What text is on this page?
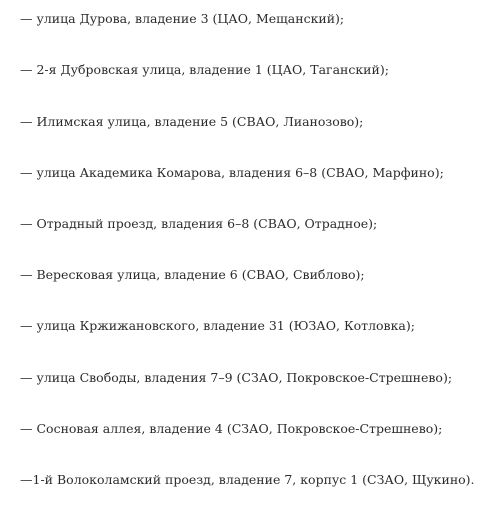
— улица Дурова, владение 3 (ЦАО, Мещанский);
— 2-я Дубровская улица, владение 1 (ЦАО, Таганский);
— Илимская улица, владение 5 (СВАО, Лианозово);
— улица Академика Комарова, владения 6–8 (СВАО, Марфино);
— Отрадный проезд, владения 6–8 (СВАО, Отрадное);
— Вересковая улица, владение 6 (СВАО, Свиблово);
— улица Кржижановского, владение 31 (ЮЗАО, Котловка);
— улица Свободы, владения 7–9 (СЗАО, Покровское-Стрешнево);
— Сосновая аллея, владение 4 (СЗАО, Покровское-Стрешнево);
—1-й Волоколамский проезд, владение 7, корпус 1 (СЗАО, Щукино).
